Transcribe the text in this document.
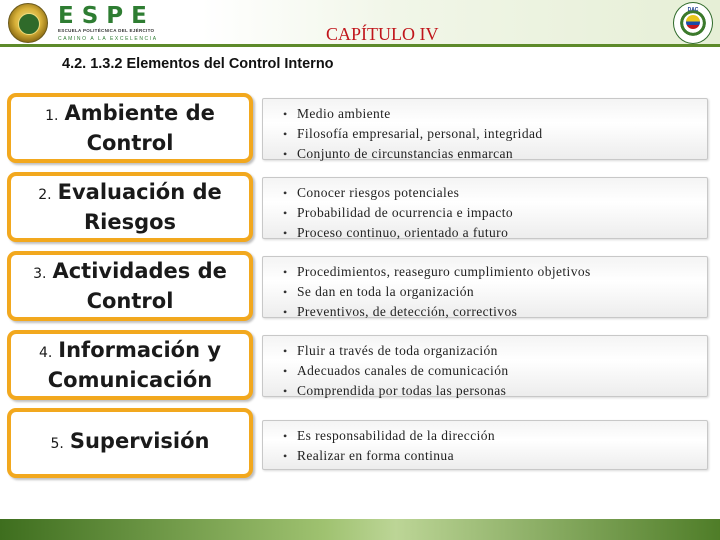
ESPE
ESCUELA POLITÉCNICA DEL EJÉRCITO
CAMINO A LA EXCELENCIA	CAPÍTULO IV
DAC
4.2. 1.3.2 Elementos del Control Interno
1. Ambiente de
Control
• Medio ambiente
• Filosofía empresarial, personal, integridad
• Conjunto de circunstancias enmarcan
2. Evaluación de
Riesgos
• Conocer riesgos potenciales
• Probabilidad de ocurrencia e impacto
• Proceso continuo, orientado a futuro
3. Actividades de
Control
• Procedimientos, reaseguro cumplimiento objetivos
• Se dan en toda la organización
• Preventivos, de detección, correctivos
4. Información y
Comunicación
• Fluir a través de toda organización
• Adecuados canales de comunicación
• Comprendida por todas las personas
5. Supervisión	• Es responsabilidad de la dirección
• Realizar en forma continua
